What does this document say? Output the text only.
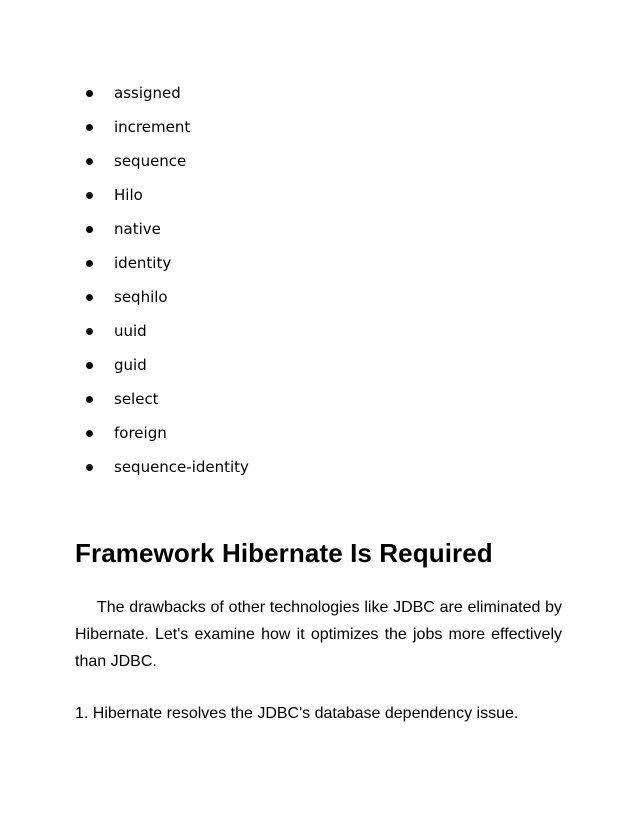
assigned
increment
sequence
Hilo
native
identity
seqhilo
uuid
guid
select
foreign
sequence-identity
Framework Hibernate Is Required

The drawbacks of other technologies like JDBC are eliminated by Hibernate. Let's examine how it optimizes the jobs more effectively than JDBC.

1. Hibernate resolves the JDBC's database dependency issue.
